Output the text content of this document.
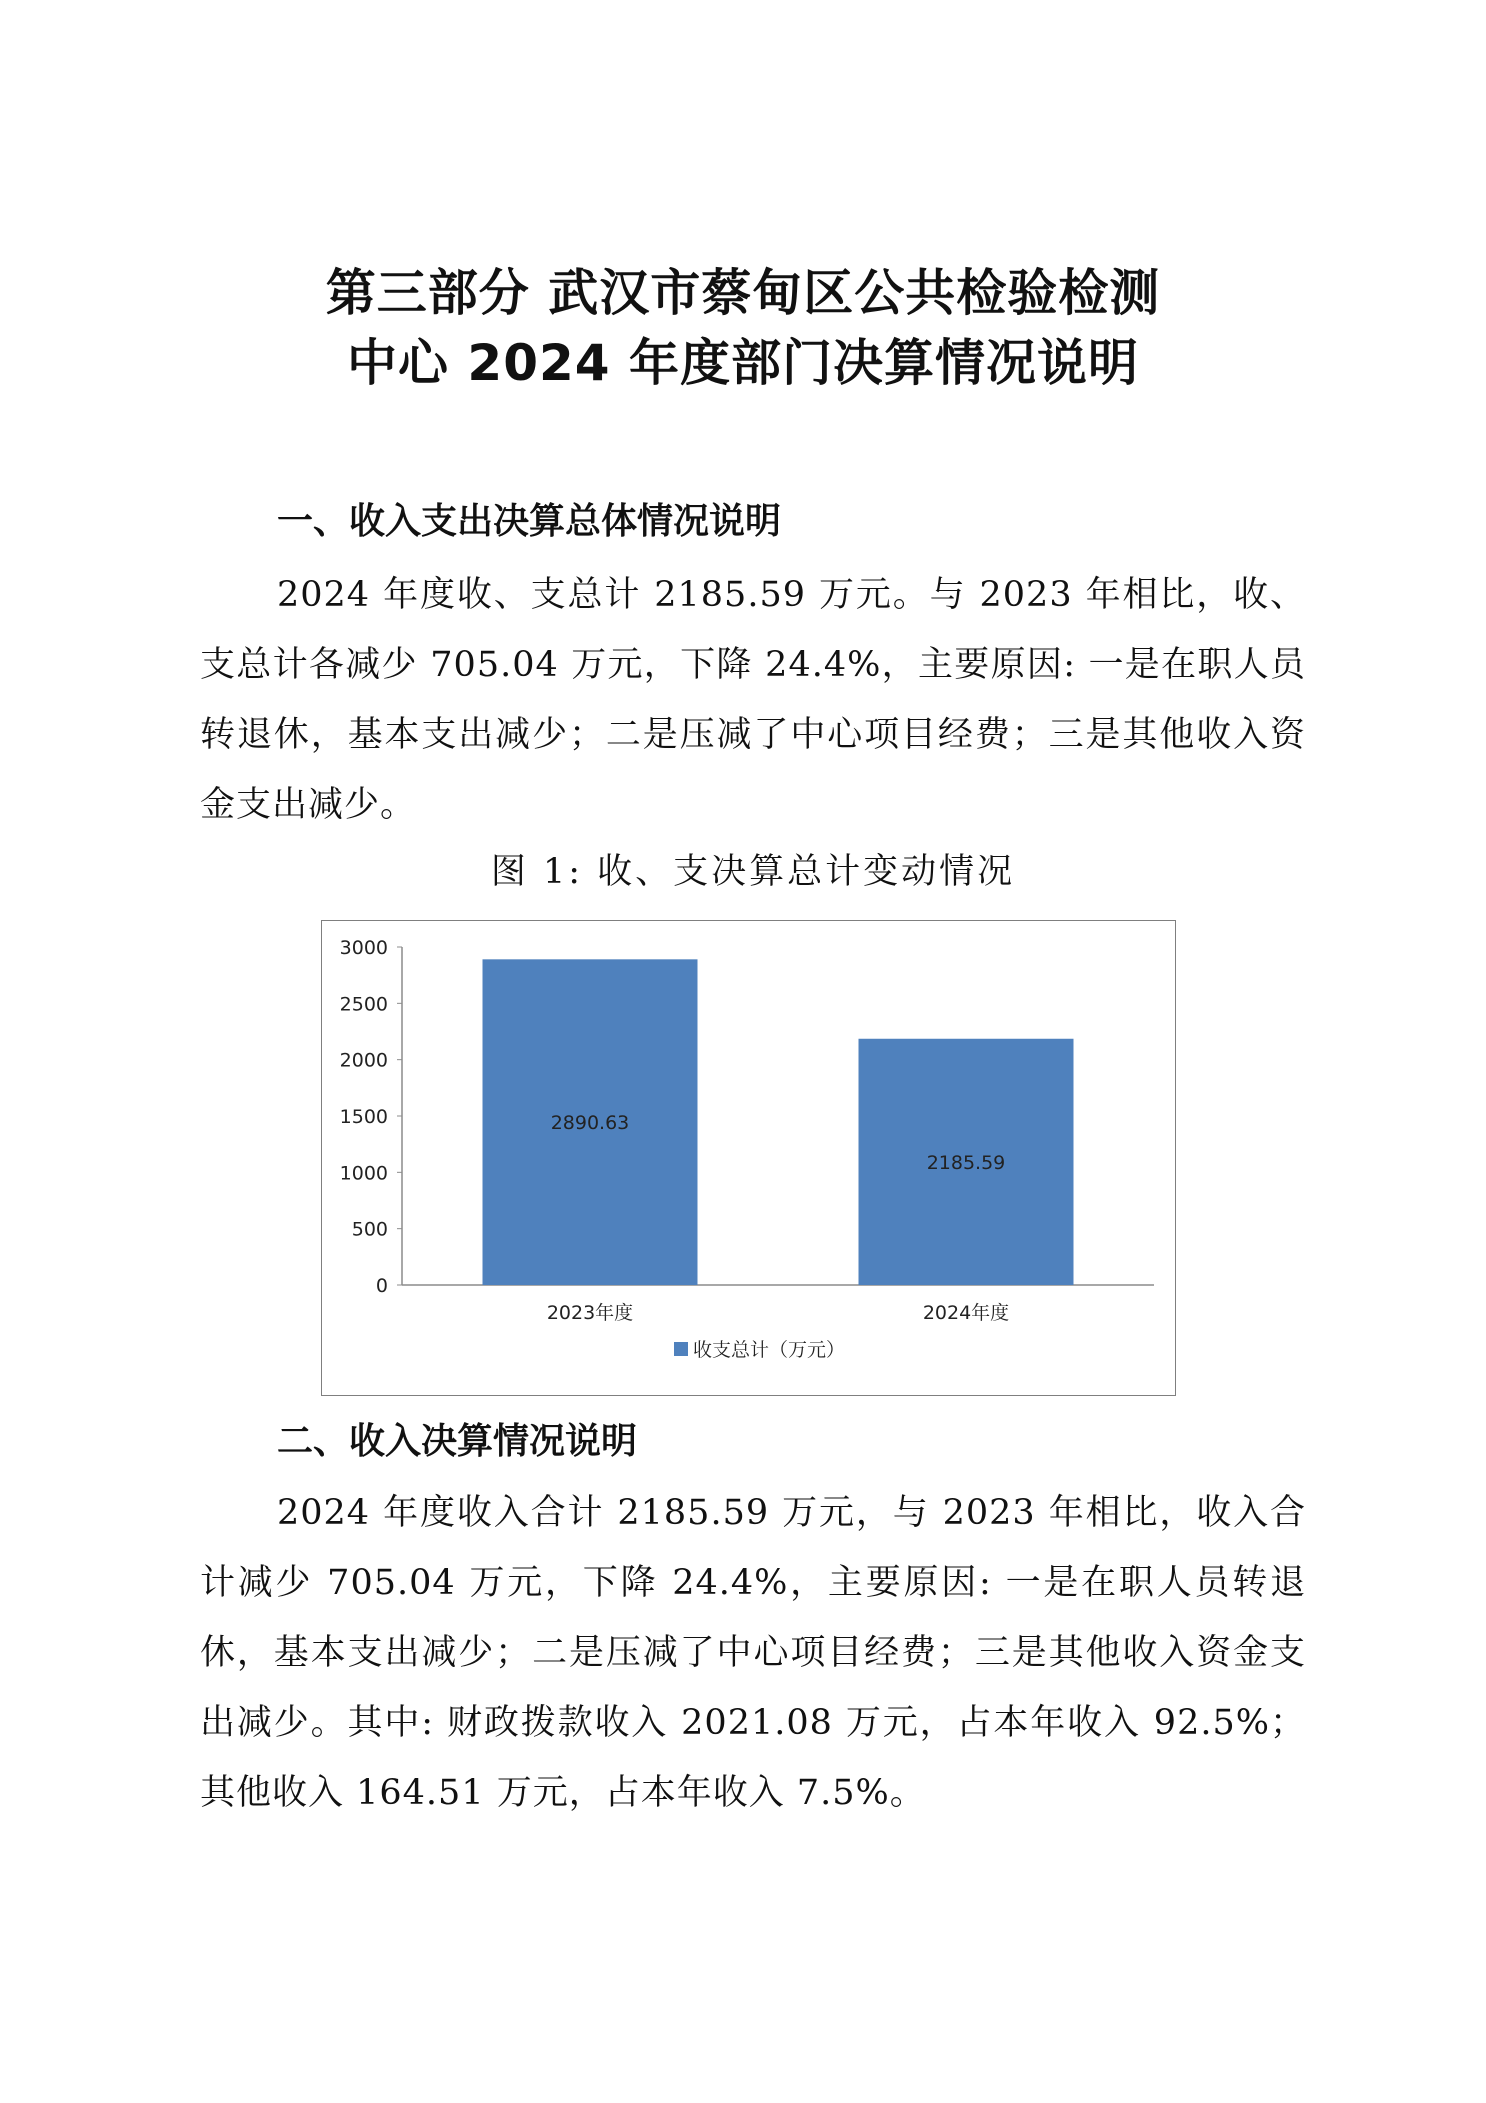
第三部分 武汉市蔡甸区公共检验检测
中心 2024 年度部门决算情况说明
一、收入支出决算总体情况说明
2024 年度收、支总计 2185.59 万元。与 2023 年相比，收、支总计各减少 705.04 万元，下降 24.4%，主要原因: 一是在职人员转退休，基本支出减少；二是压减了中心项目经费；三是其他收入资金支出减少。
图 1: 收、支决算总计变动情况
0
500
1000
1500
2000
2500
3000
2890.63
2023年度
2185.59
2024年度
收支总计（万元）
二、收入决算情况说明
2024 年度收入合计 2185.59 万元，与 2023 年相比，收入合计减少 705.04 万元，下降 24.4%，主要原因: 一是在职人员转退休，基本支出减少；二是压减了中心项目经费；三是其他收入资金支出减少。其中: 财政拨款收入 2021.08 万元，占本年收入 92.5%；其他收入 164.51 万元，占本年收入 7.5%。
